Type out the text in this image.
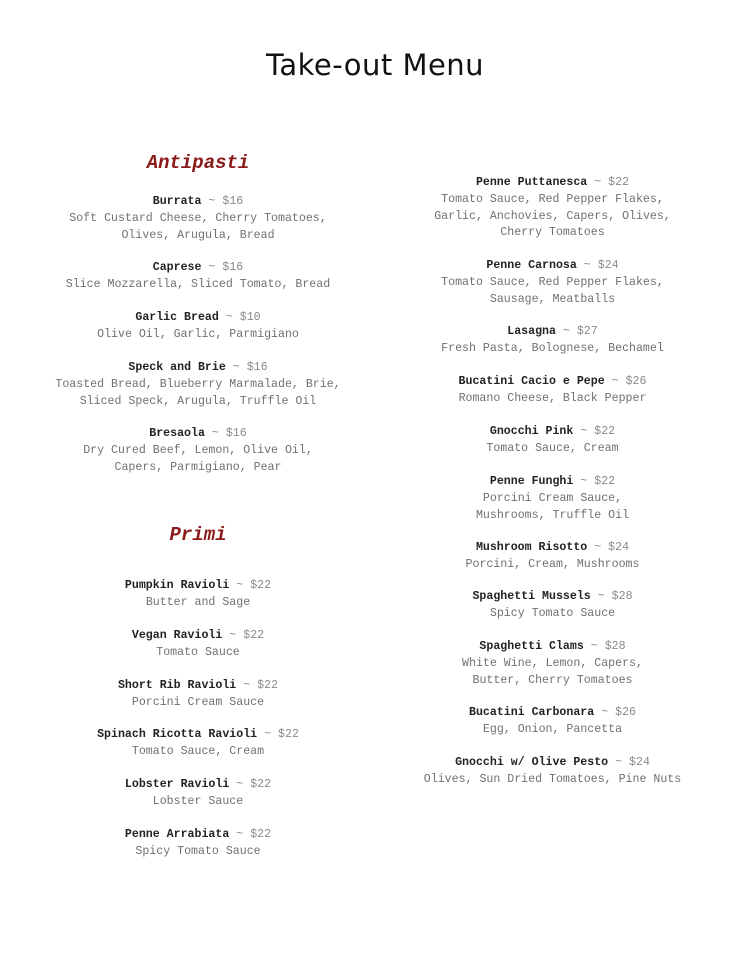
Take-out Menu
Antipasti
Burrata ~ $16
Soft Custard Cheese, Cherry Tomatoes,
Olives, Arugula, Bread
Caprese ~ $16
Slice Mozzarella, Sliced Tomato, Bread
Garlic Bread ~ $10
Olive Oil, Garlic, Parmigiano
Speck and Brie ~ $16
Toasted Bread, Blueberry Marmalade, Brie,
Sliced Speck, Arugula, Truffle Oil
Bresaola ~ $16
Dry Cured Beef, Lemon, Olive Oil,
Capers, Parmigiano, Pear
Primi
Pumpkin Ravioli ~ $22
Butter and Sage
Vegan Ravioli ~ $22
Tomato Sauce
Short Rib Ravioli ~ $22
Porcini Cream Sauce
Spinach Ricotta Ravioli ~ $22
Tomato Sauce, Cream
Lobster Ravioli ~ $22
Lobster Sauce
Penne Arrabiata ~ $22
Spicy Tomato Sauce
Penne Puttanesca ~ $22
Tomato Sauce, Red Pepper Flakes,
Garlic, Anchovies, Capers, Olives,
Cherry Tomatoes
Penne Carnosa ~ $24
Tomato Sauce, Red Pepper Flakes,
Sausage, Meatballs
Lasagna ~ $27
Fresh Pasta, Bolognese, Bechamel
Bucatini Cacio e Pepe ~ $26
Romano Cheese, Black Pepper
Gnocchi Pink ~ $22
Tomato Sauce, Cream
Penne Funghi ~ $22
Porcini Cream Sauce,
Mushrooms, Truffle Oil
Mushroom Risotto ~ $24
Porcini, Cream, Mushrooms
Spaghetti Mussels ~ $28
Spicy Tomato Sauce
Spaghetti Clams ~ $28
White Wine, Lemon, Capers,
Butter, Cherry Tomatoes
Bucatini Carbonara ~ $26
Egg, Onion, Pancetta
Gnocchi w/ Olive Pesto ~ $24
Olives, Sun Dried Tomatoes, Pine Nuts
